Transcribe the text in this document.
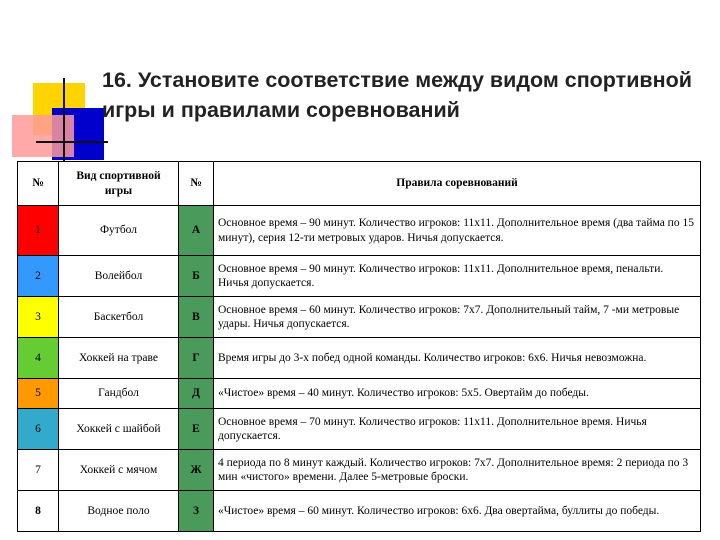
16. Установите соответствие между видом спортивной игры и правилами соревнований
№	Вид спортивной игры	№	Правила соревнований
1	Футбол	А	Основное время – 90 минут. Количество игроков: 11х11. Дополнительное время (два тайма по 15 минут), серия 12-ти метровых ударов. Ничья допускается.
2	Волейбол	Б	Основное время – 90 минут. Количество игроков: 11х11. Дополнительное время, пенальти. Ничья допускается.
3	Баскетбол	В	Основное время – 60 минут. Количество игроков: 7х7. Дополнительный тайм, 7 -ми метровые удары. Ничья допускается.
4	Хоккей на траве	Г	Время игры до 3-х побед одной команды. Количество игроков: 6х6. Ничья невозможна.
5	Гандбол	Д	«Чистое» время – 40 минут. Количество игроков: 5х5. Овертайм до победы.
6	Хоккей с шайбой	Е	Основное время – 70 минут. Количество игроков: 11х11. Дополнительное время. Ничья допускается.
7	Хоккей с мячом	Ж	4 периода по 8 минут каждый. Количество игроков: 7х7. Дополнительное время: 2 периода по 3 мин «чистого» времени. Далее 5-метровые броски.
8	Водное поло	З	«Чистое» время – 60 минут. Количество игроков: 6х6. Два овертайма, буллиты до победы.
